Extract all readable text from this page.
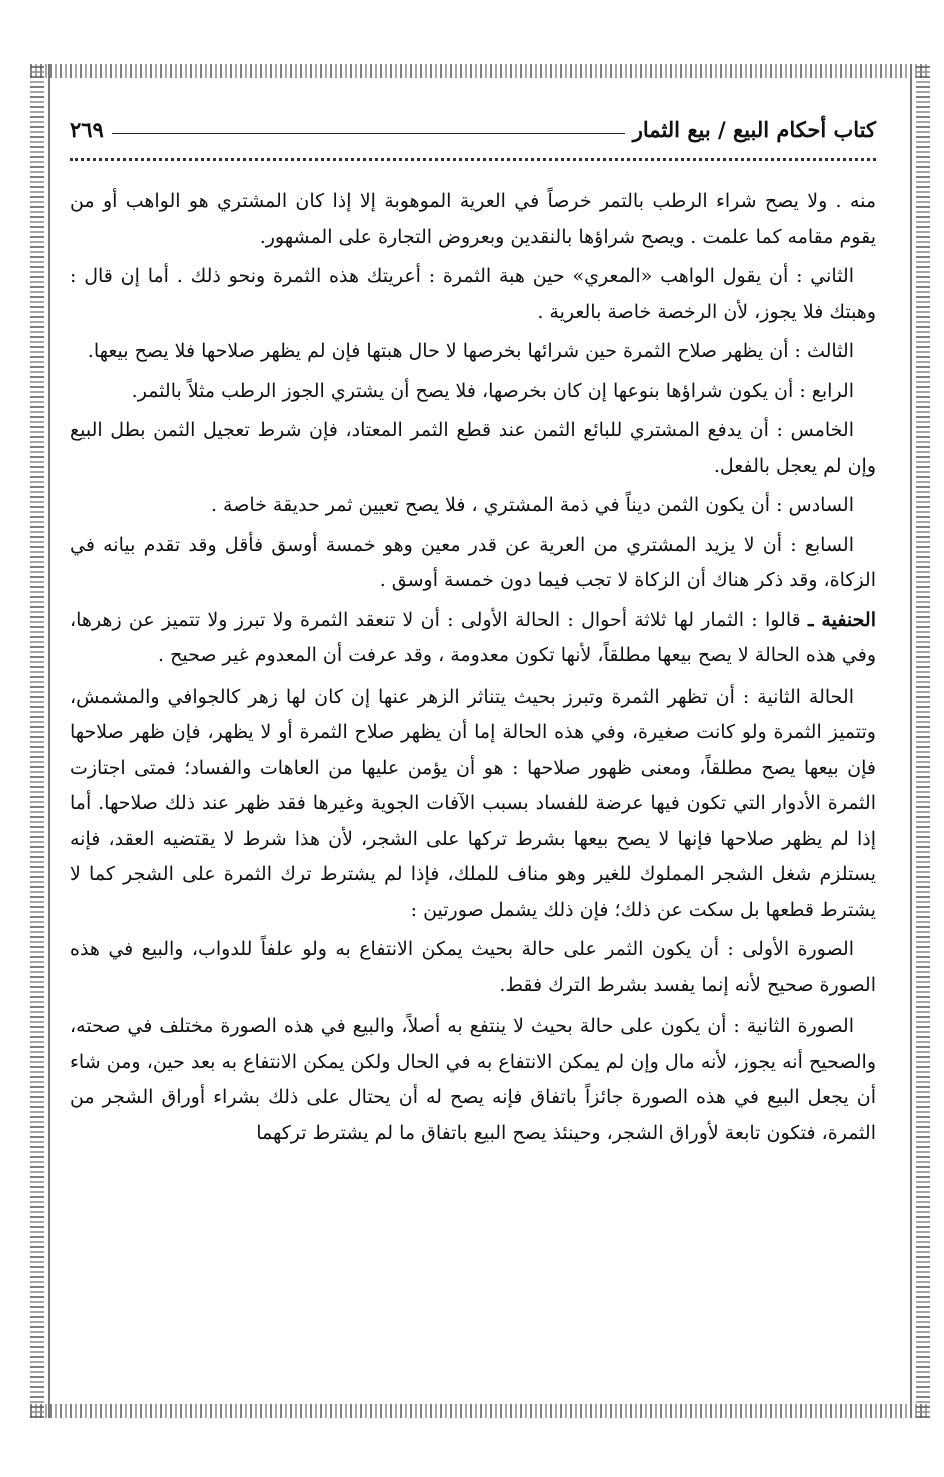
كتاب أحكام البيع / بيع الثمار
٢٦٩

منه . ولا يصح شراء الرطب بالتمر خرصاً في العرية الموهوبة إلا إذا كان المشتري هو الواهب أو من يقوم مقامه كما علمت . ويصح شراؤها بالنقدين وبعروض التجارة على المشهور.

الثاني : أن يقول الواهب «المعري» حين هبة الثمرة : أعريتك هذه الثمرة ونحو ذلك . أما إن قال : وهبتك فلا يجوز، لأن الرخصة خاصة بالعرية .

الثالث : أن يظهر صلاح الثمرة حين شرائها بخرصها لا حال هبتها فإن لم يظهر صلاحها فلا يصح بيعها.

الرابع : أن يكون شراؤها بنوعها إن كان بخرصها، فلا يصح أن يشتري الجوز الرطب مثلاً بالثمر.

الخامس : أن يدفع المشتري للبائع الثمن عند قطع الثمر المعتاد، فإن شرط تعجيل الثمن بطل البيع وإن لم يعجل بالفعل.

السادس : أن يكون الثمن ديناً في ذمة المشتري ، فلا يصح تعيين ثمر حديقة خاصة .

السابع : أن لا يزيد المشتري من العرية عن قدر معين وهو خمسة أوسق فأقل وقد تقدم بيانه في الزكاة، وقد ذكر هناك أن الزكاة لا تجب فيما دون خمسة أوسق .

الحنفية ـ قالوا : الثمار لها ثلاثة أحوال : الحالة الأولى : أن لا تنعقد الثمرة ولا تبرز ولا تتميز عن زهرها، وفي هذه الحالة لا يصح بيعها مطلقاً، لأنها تكون معدومة ، وقد عرفت أن المعدوم غير صحيح .

الحالة الثانية : أن تظهر الثمرة وتبرز بحيث يتناثر الزهر عنها إن كان لها زهر كالجوافي والمشمش، وتتميز الثمرة ولو كانت صغيرة، وفي هذه الحالة إما أن يظهر صلاح الثمرة أو لا يظهر، فإن ظهر صلاحها فإن بيعها يصح مطلقاً، ومعنى ظهور صلاحها : هو أن يؤمن عليها من العاهات والفساد؛ فمتى اجتازت الثمرة الأدوار التي تكون فيها عرضة للفساد بسبب الآفات الجوية وغيرها فقد ظهر عند ذلك صلاحها. أما إذا لم يظهر صلاحها فإنها لا يصح بيعها بشرط تركها على الشجر، لأن هذا شرط لا يقتضيه العقد، فإنه يستلزم شغل الشجر المملوك للغير وهو مناف للملك، فإذا لم يشترط ترك الثمرة على الشجر كما لا يشترط قطعها بل سكت عن ذلك؛ فإن ذلك يشمل صورتين :

الصورة الأولى : أن يكون الثمر على حالة بحيث يمكن الانتفاع به ولو علفاً للدواب، والبيع في هذه الصورة صحيح لأنه إنما يفسد بشرط الترك فقط.

الصورة الثانية : أن يكون على حالة بحيث لا ينتفع به أصلاً، والبيع في هذه الصورة مختلف في صحته، والصحيح أنه يجوز، لأنه مال وإن لم يمكن الانتفاع به في الحال ولكن يمكن الانتفاع به بعد حين، ومن شاء أن يجعل البيع في هذه الصورة جائزاً باتفاق فإنه يصح له أن يحتال على ذلك بشراء أوراق الشجر من الثمرة، فتكون تابعة لأوراق الشجر، وحينئذ يصح البيع باتفاق ما لم يشترط تركهما
